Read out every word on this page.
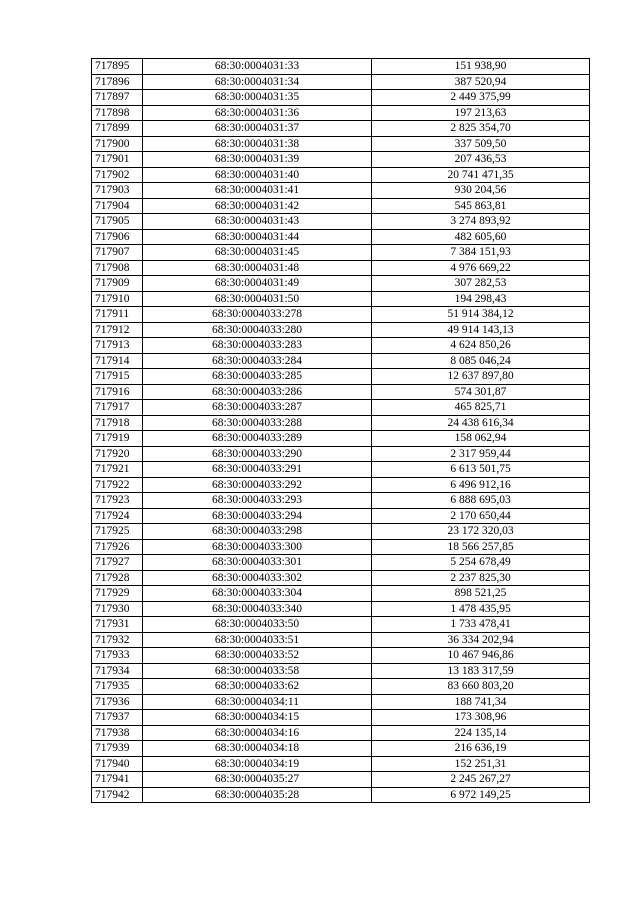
717895	68:30:0004031:33	151 938,90
717896	68:30:0004031:34	387 520,94
717897	68:30:0004031:35	2 449 375,99
717898	68:30:0004031:36	197 213,63
717899	68:30:0004031:37	2 825 354,70
717900	68:30:0004031:38	337 509,50
717901	68:30:0004031:39	207 436,53
717902	68:30:0004031:40	20 741 471,35
717903	68:30:0004031:41	930 204,56
717904	68:30:0004031:42	545 863,81
717905	68:30:0004031:43	3 274 893,92
717906	68:30:0004031:44	482 605,60
717907	68:30:0004031:45	7 384 151,93
717908	68:30:0004031:48	4 976 669,22
717909	68:30:0004031:49	307 282,53
717910	68:30:0004031:50	194 298,43
717911	68:30:0004033:278	51 914 384,12
717912	68:30:0004033:280	49 914 143,13
717913	68:30:0004033:283	4 624 850,26
717914	68:30:0004033:284	8 085 046,24
717915	68:30:0004033:285	12 637 897,80
717916	68:30:0004033:286	574 301,87
717917	68:30:0004033:287	465 825,71
717918	68:30:0004033:288	24 438 616,34
717919	68:30:0004033:289	158 062,94
717920	68:30:0004033:290	2 317 959,44
717921	68:30:0004033:291	6 613 501,75
717922	68:30:0004033:292	6 496 912,16
717923	68:30:0004033:293	6 888 695,03
717924	68:30:0004033:294	2 170 650,44
717925	68:30:0004033:298	23 172 320,03
717926	68:30:0004033:300	18 566 257,85
717927	68:30:0004033:301	5 254 678,49
717928	68:30:0004033:302	2 237 825,30
717929	68:30:0004033:304	898 521,25
717930	68:30:0004033:340	1 478 435,95
717931	68:30:0004033:50	1 733 478,41
717932	68:30:0004033:51	36 334 202,94
717933	68:30:0004033:52	10 467 946,86
717934	68:30:0004033:58	13 183 317,59
717935	68:30:0004033:62	83 660 803,20
717936	68:30:0004034:11	188 741,34
717937	68:30:0004034:15	173 308,96
717938	68:30:0004034:16	224 135,14
717939	68:30:0004034:18	216 636,19
717940	68:30:0004034:19	152 251,31
717941	68:30:0004035:27	2 245 267,27
717942	68:30:0004035:28	6 972 149,25
